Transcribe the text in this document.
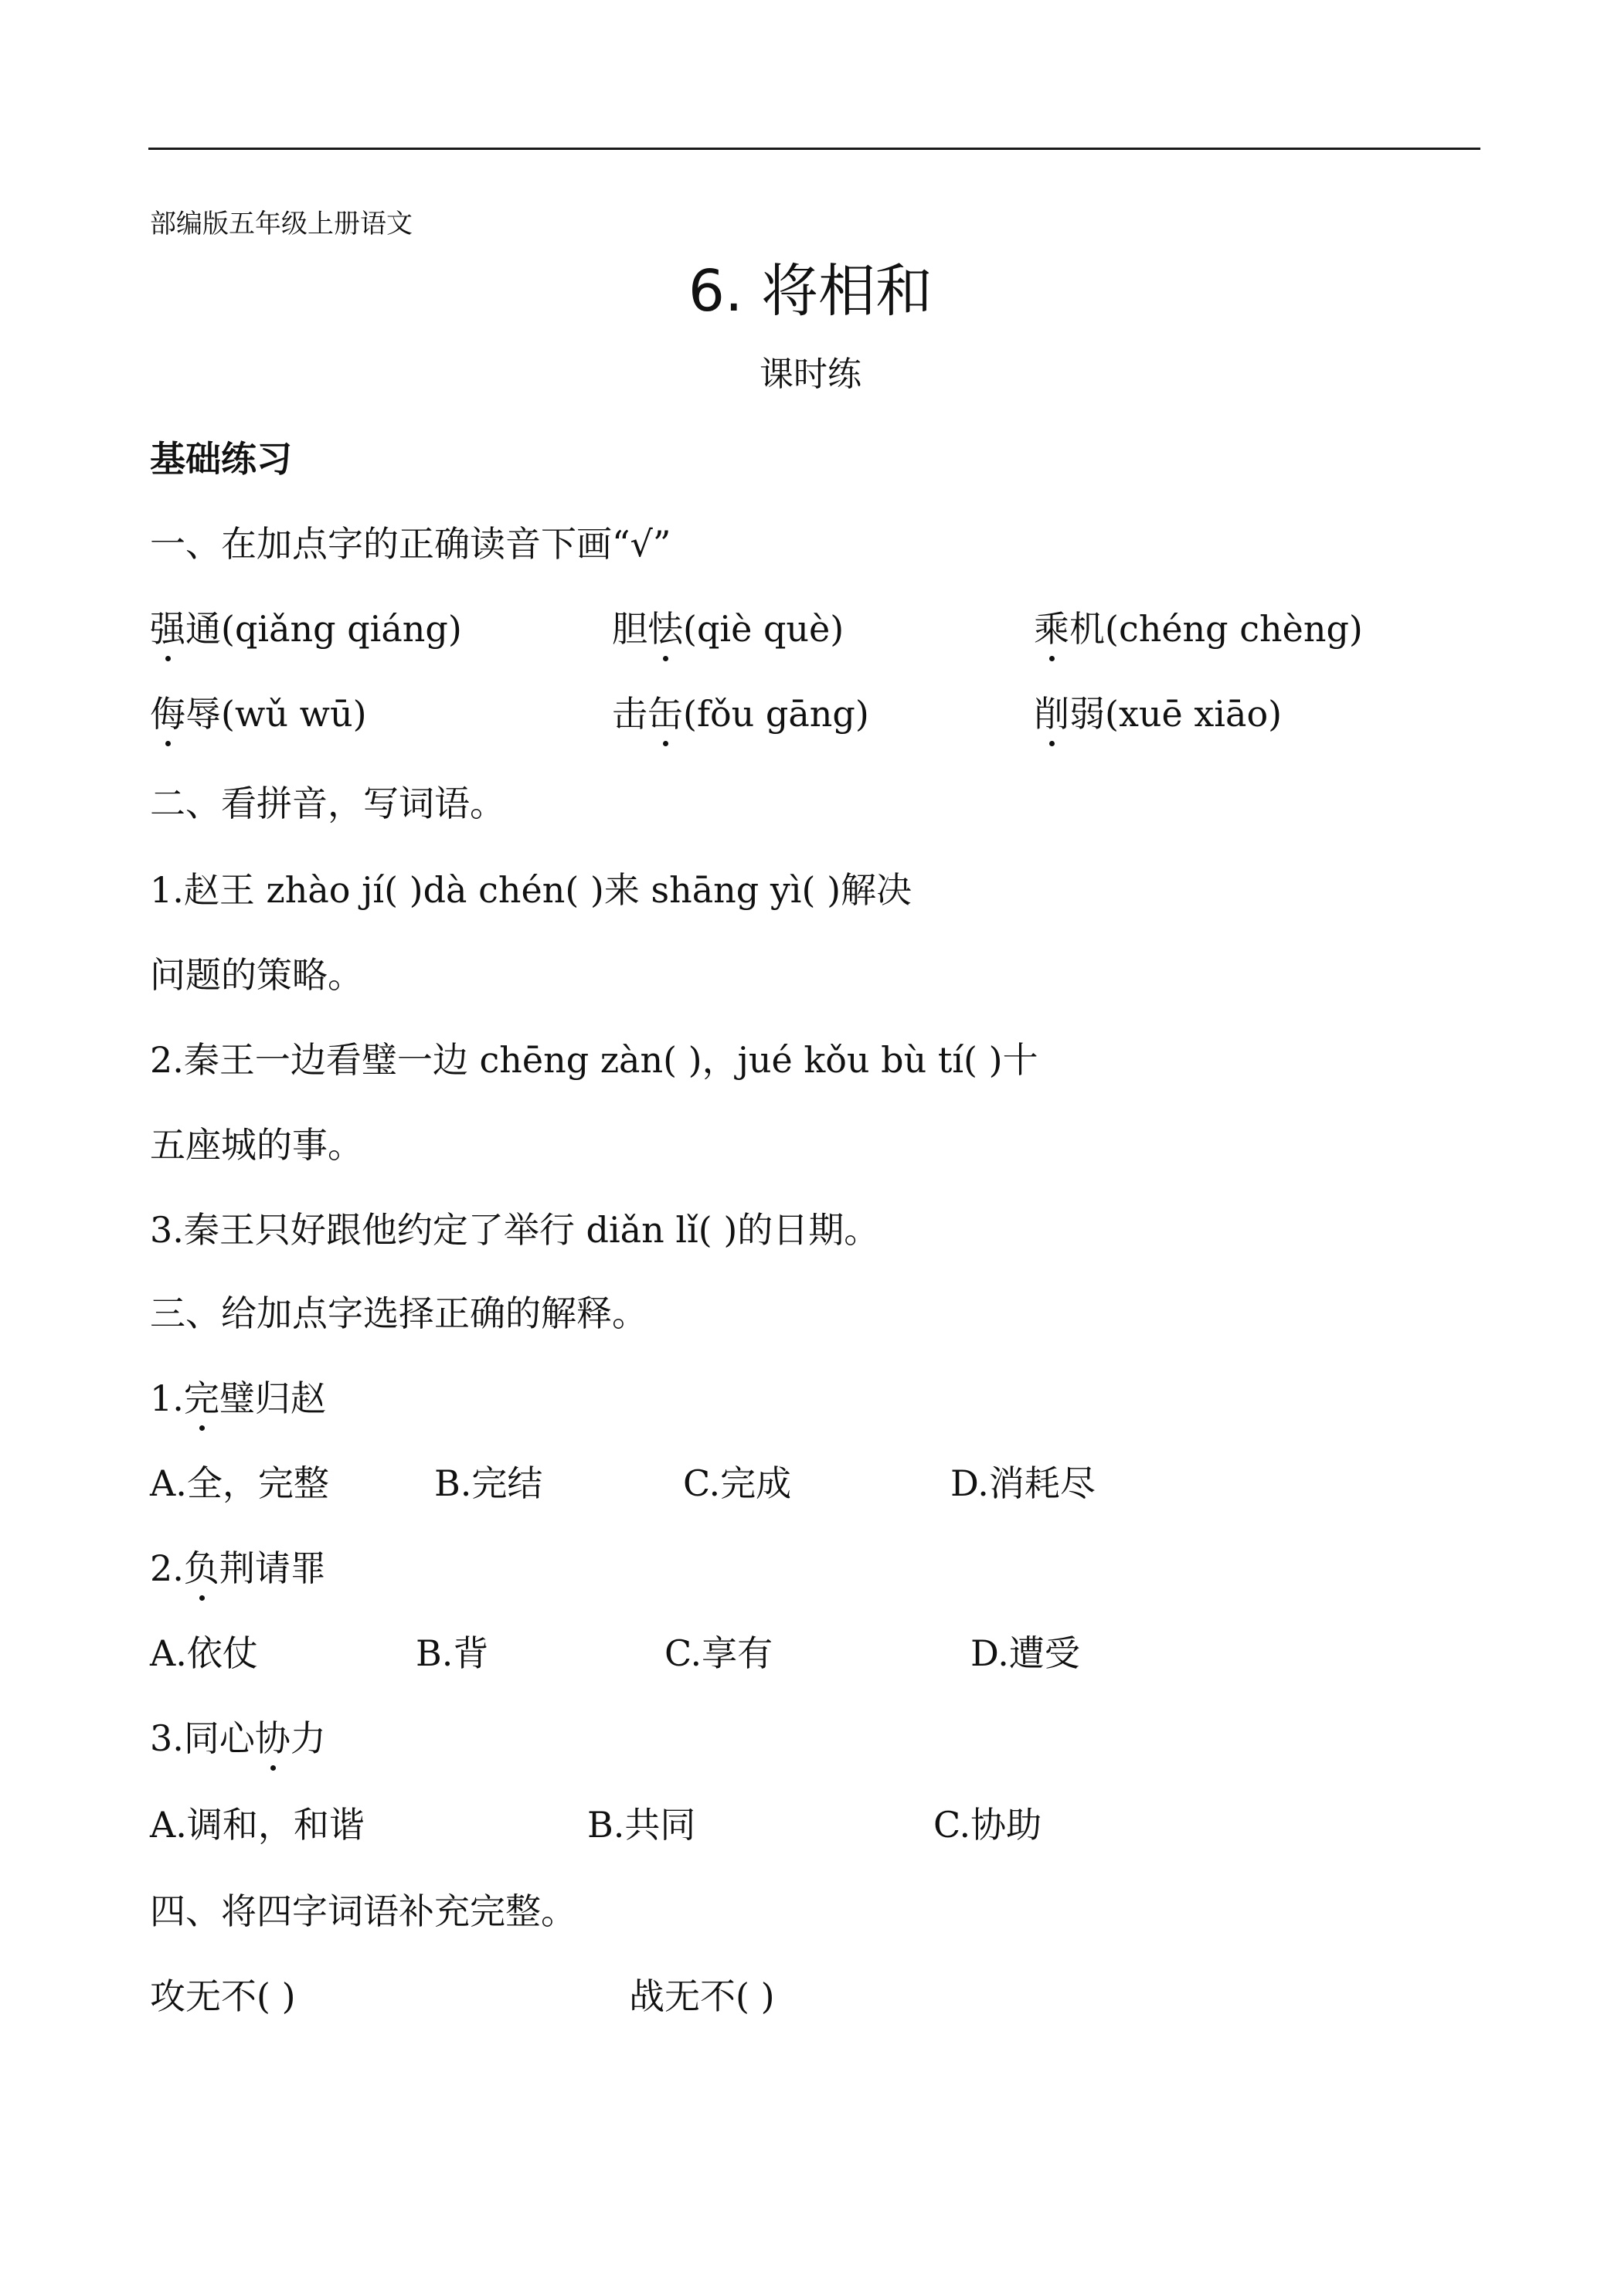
部编版五年级上册语文
6. 将相和
课时练
基础练习
一、在加点字的正确读音下画“√”
强通(qiǎng qiáng)	胆怯(qiè què)	乘机(chéng chèng)
侮辱(wǔ wū)	击缶(fǒu gāng)	削弱(xuē xiāo)
二、看拼音，写词语。
1.赵王 zhào jí( )dà chén( )来 shāng yì( )解决
问题的策略。
2.秦王一边看璧一边 chēng zàn( )，jué kǒu bù tí( )十
五座城的事。
3.秦王只好跟他约定了举行 diǎn lǐ( )的日期。
三、给加点字选择正确的解释。
1.完璧归赵
A.全，完整	B.完结	C.完成	D.消耗尽
2.负荆请罪
A.依仗	B.背	C.享有	D.遭受
3.同心协力
A.调和，和谐	B.共同	C.协助
四、将四字词语补充完整。
攻无不( )	战无不( )
